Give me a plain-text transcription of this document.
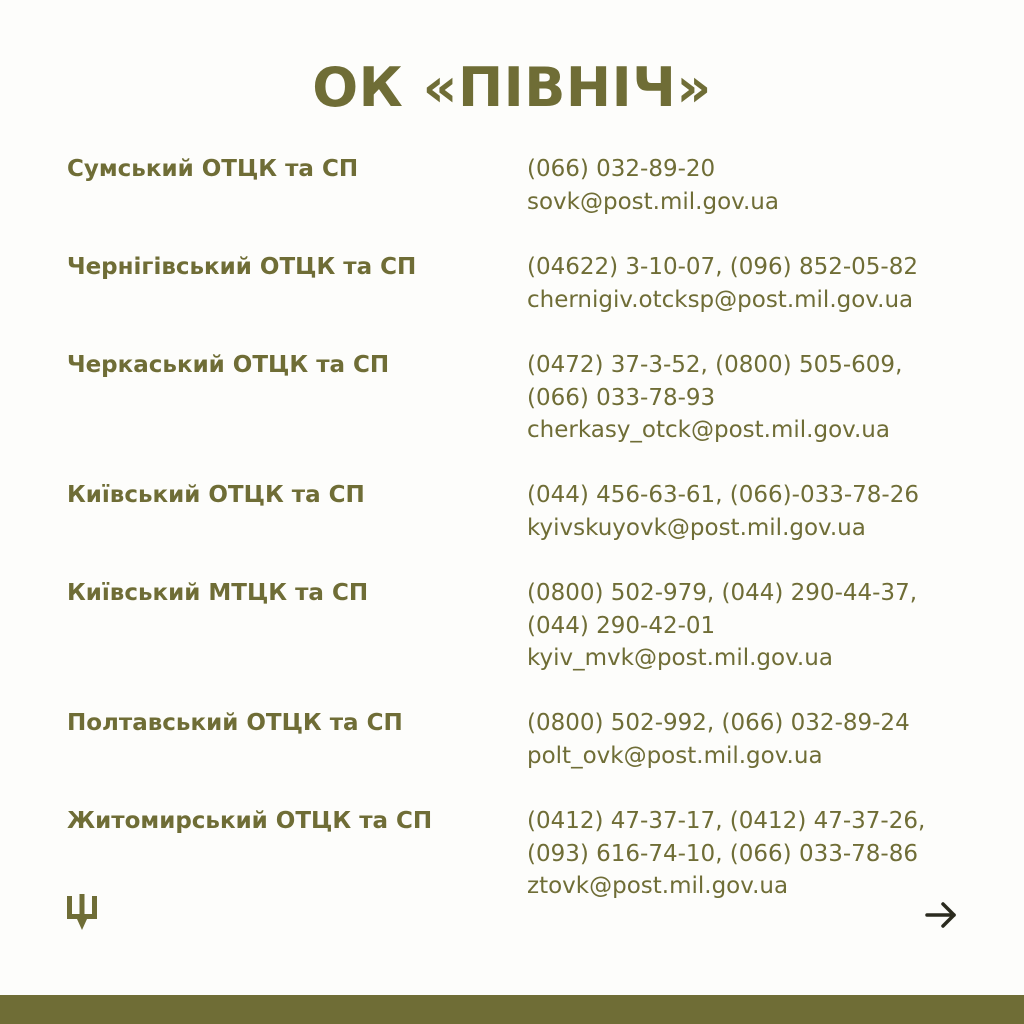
ОК «ПІВНІЧ»
Сумський ОТЦК та СП	(066) 032-89-20
sovk@post.mil.gov.ua
Чернігівський ОТЦК та СП	(04622) 3-10-07, (096) 852-05-82
chernigiv.otcksp@post.mil.gov.ua
Черкаський ОТЦК та СП	(0472) 37-3-52, (0800) 505-609,
(066) 033-78-93
cherkasy_otck@post.mil.gov.ua
Київський ОТЦК та СП	(044) 456-63-61, (066)-033-78-26
kyivskuyovk@post.mil.gov.ua
Київський МТЦК та СП	(0800) 502-979, (044) 290-44-37,
(044) 290-42-01
kyiv_mvk@post.mil.gov.ua
Полтавський ОТЦК та СП	(0800) 502-992, (066) 032-89-24
polt_ovk@post.mil.gov.ua
Житомирський ОТЦК та СП	(0412) 47-37-17, (0412) 47-37-26,
(093) 616-74-10, (066) 033-78-86
ztovk@post.mil.gov.ua
